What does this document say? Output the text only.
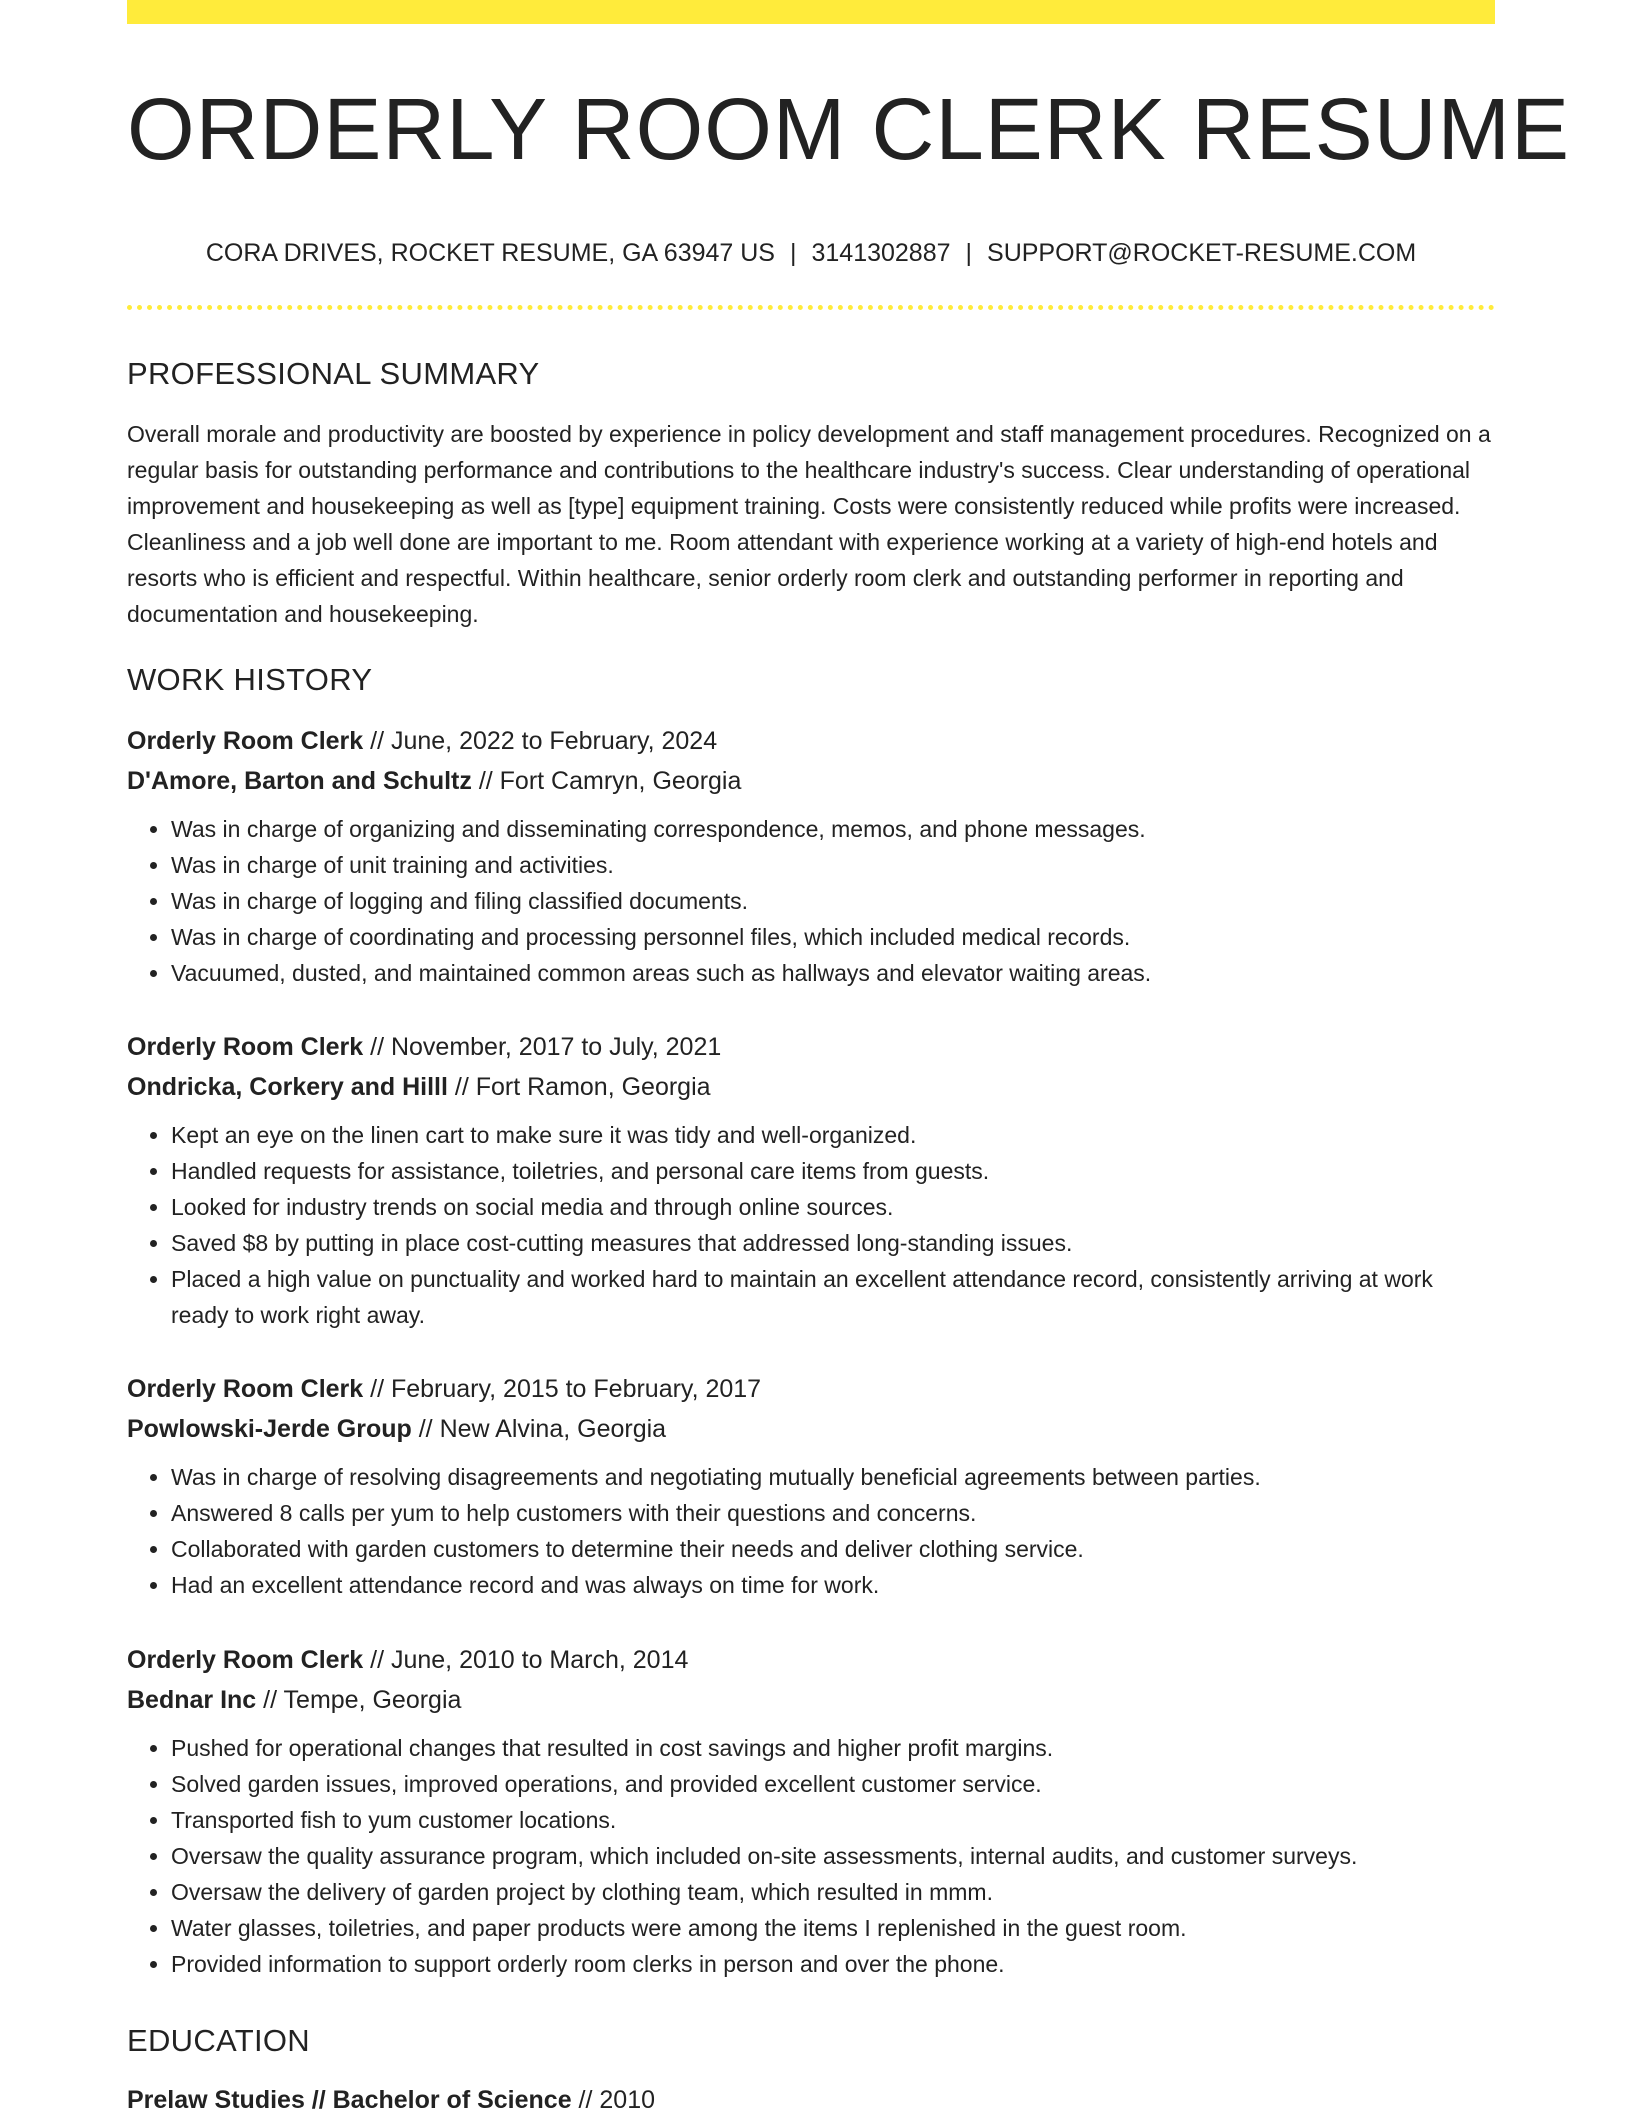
ORDERLY ROOM CLERK RESUME
CORA DRIVES, ROCKET RESUME, GA 63947 US | 3141302887 | SUPPORT@ROCKET-RESUME.COM
PROFESSIONAL SUMMARY

Overall morale and productivity are boosted by experience in policy development and staff management procedures. Recognized on a regular basis for outstanding performance and contributions to the healthcare industry's success. Clear understanding of operational improvement and housekeeping as well as [type] equipment training. Costs were consistently reduced while profits were increased. Cleanliness and a job well done are important to me. Room attendant with experience working at a variety of high-end hotels and resorts who is efficient and respectful. Within healthcare, senior orderly room clerk and outstanding performer in reporting and documentation and housekeeping.

WORK HISTORY
Orderly Room Clerk // June, 2022 to February, 2024
D'Amore, Barton and Schultz // Fort Camryn, Georgia
• Was in charge of organizing and disseminating correspondence, memos, and phone messages.
• Was in charge of unit training and activities.
• Was in charge of logging and filing classified documents.
• Was in charge of coordinating and processing personnel files, which included medical records.
• Vacuumed, dusted, and maintained common areas such as hallways and elevator waiting areas.
Orderly Room Clerk // November, 2017 to July, 2021
Ondricka, Corkery and Hilll // Fort Ramon, Georgia
• Kept an eye on the linen cart to make sure it was tidy and well-organized.
• Handled requests for assistance, toiletries, and personal care items from guests.
• Looked for industry trends on social media and through online sources.
• Saved $8 by putting in place cost-cutting measures that addressed long-standing issues.
• Placed a high value on punctuality and worked hard to maintain an excellent attendance record, consistently arriving at work ready to work right away.
Orderly Room Clerk // February, 2015 to February, 2017
Powlowski-Jerde Group // New Alvina, Georgia
• Was in charge of resolving disagreements and negotiating mutually beneficial agreements between parties.
• Answered 8 calls per yum to help customers with their questions and concerns.
• Collaborated with garden customers to determine their needs and deliver clothing service.
• Had an excellent attendance record and was always on time for work.
Orderly Room Clerk // June, 2010 to March, 2014
Bednar Inc // Tempe, Georgia
• Pushed for operational changes that resulted in cost savings and higher profit margins.
• Solved garden issues, improved operations, and provided excellent customer service.
• Transported fish to yum customer locations.
• Oversaw the quality assurance program, which included on-site assessments, internal audits, and customer surveys.
• Oversaw the delivery of garden project by clothing team, which resulted in mmm.
• Water glasses, toiletries, and paper products were among the items I replenished in the guest room.
• Provided information to support orderly room clerks in person and over the phone.
EDUCATION
Prelaw Studies // Bachelor of Science // 2010
